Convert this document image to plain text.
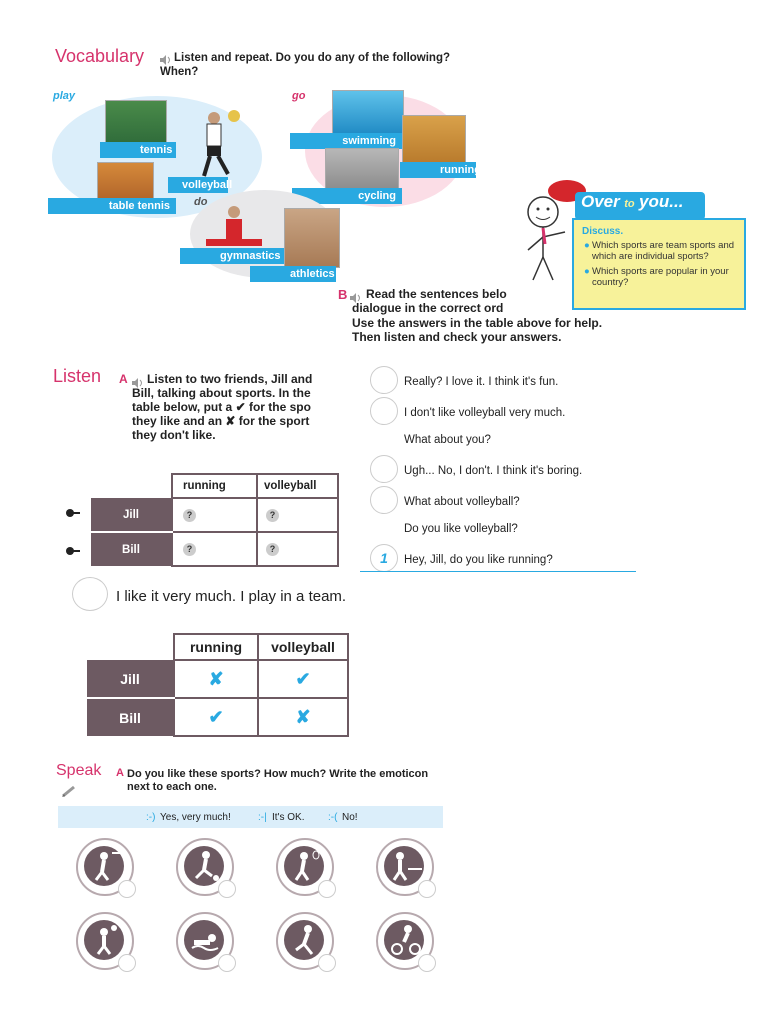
Vocabulary	Listen and repeat. Do you do any of the following?
When?
play
tennis
table tennis
volleyball
go
swimming
running
cycling
do
gymnastics
athletics
Over to you...
Discuss.
● Which sports are team sports and which are individual sports?
● Which sports are popular in your country?
B Read the sentences belo
dialogue in the correct ord
Use the answers in the table above for help.
Then listen and check your answers.
Listen A Listen to two friends, Jill and
Bill, talking about sports. In the
table below, put a ✔ for the spo
they like and an ✘ for the sport
they don't like.
	running	volleyball
Jill	?	?
Bill	?	?
Really? I love it. I think it's fun.
I don't like volleyball very much.
What about you?
Ugh... No, I don't. I think it's boring.
What about volleyball?
Do you like volleyball?
1	Hey, Jill, do you like running?
I like it very much. I play in a team.
	running	volleyball
Jill	✘	✔
Bill	✔	✘
Speak A Do you like these sports? How much? Write the emoticon
next to each one.
:-) Yes, very much!	:-| It's OK. :-( No!
